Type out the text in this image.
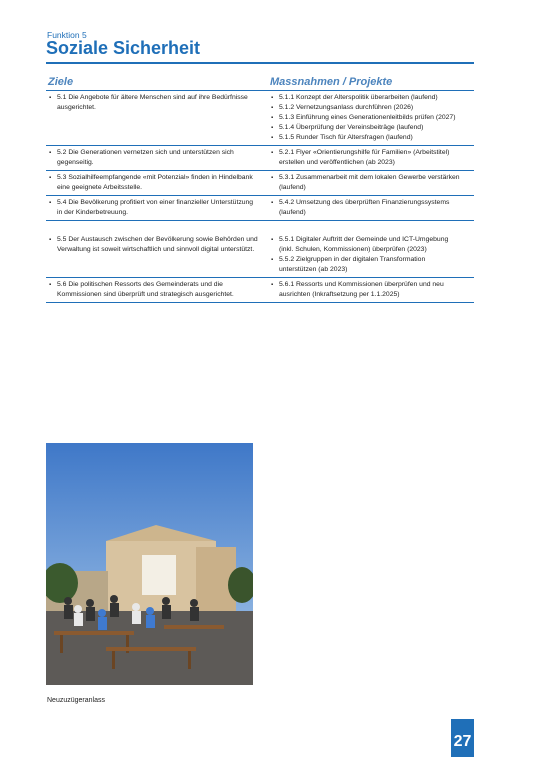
Funktion 5
Soziale Sicherheit
Ziele	Massnahmen / Projekte
▪ 5.1 Die Angebote für ältere Menschen sind auf ihre Bedürfnisse ausgerichtet.
▪ 5.1.1 Konzept der Alterspolitik überarbeiten (laufend)
▪ 5.1.2 Vernetzungsanlass durchführen (2026)
▪ 5.1.3 Einführung eines Generationenleitbilds prüfen (2027)
▪ 5.1.4 Überprüfung der Vereinsbeiträge (laufend)
▪ 5.1.5 Runder Tisch für Altersfragen (laufend)
▪ 5.2 Die Generationen vernetzen sich und unterstützen sich gegenseitig.
▪ 5.2.1 Flyer «Orientierungshilfe für Familien» (Arbeitstitel) erstellen und veröffentlichen (ab 2023)
▪ 5.3 Sozialhilfeempfangende «mit Potenzial» finden in Hindelbank eine geeignete Arbeitsstelle.
▪ 5.3.1 Zusammenarbeit mit dem lokalen Gewerbe verstärken (laufend)
▪ 5.4 Die Bevölkerung profitiert von einer finanzieller Unterstützung in der Kinderbetreuung.
▪ 5.4.2 Umsetzung des überprüften Finanzierungssystems (laufend)
▪ 5.5 Der Austausch zwischen der Bevölkerung sowie Behörden und Verwaltung ist soweit wirtschaftlich und sinnvoll digital unterstützt.
▪ 5.5.1 Digitaler Auftritt der Gemeinde und ICT-Umgebung (inkl. Schulen, Kommissionen) überprüfen (2023)
▪ 5.5.2 Zielgruppen in der digitalen Transformation unterstützen (ab 2023)
▪ 5.6 Die politischen Ressorts des Gemeinderats und die Kommissionen sind überprüft und strategisch ausgerichtet.
▪ 5.6.1 Ressorts und Kommissionen überprüfen und neu ausrichten (Inkraftsetzung per 1.1.2025)
Neuzuzügeranlass
27
